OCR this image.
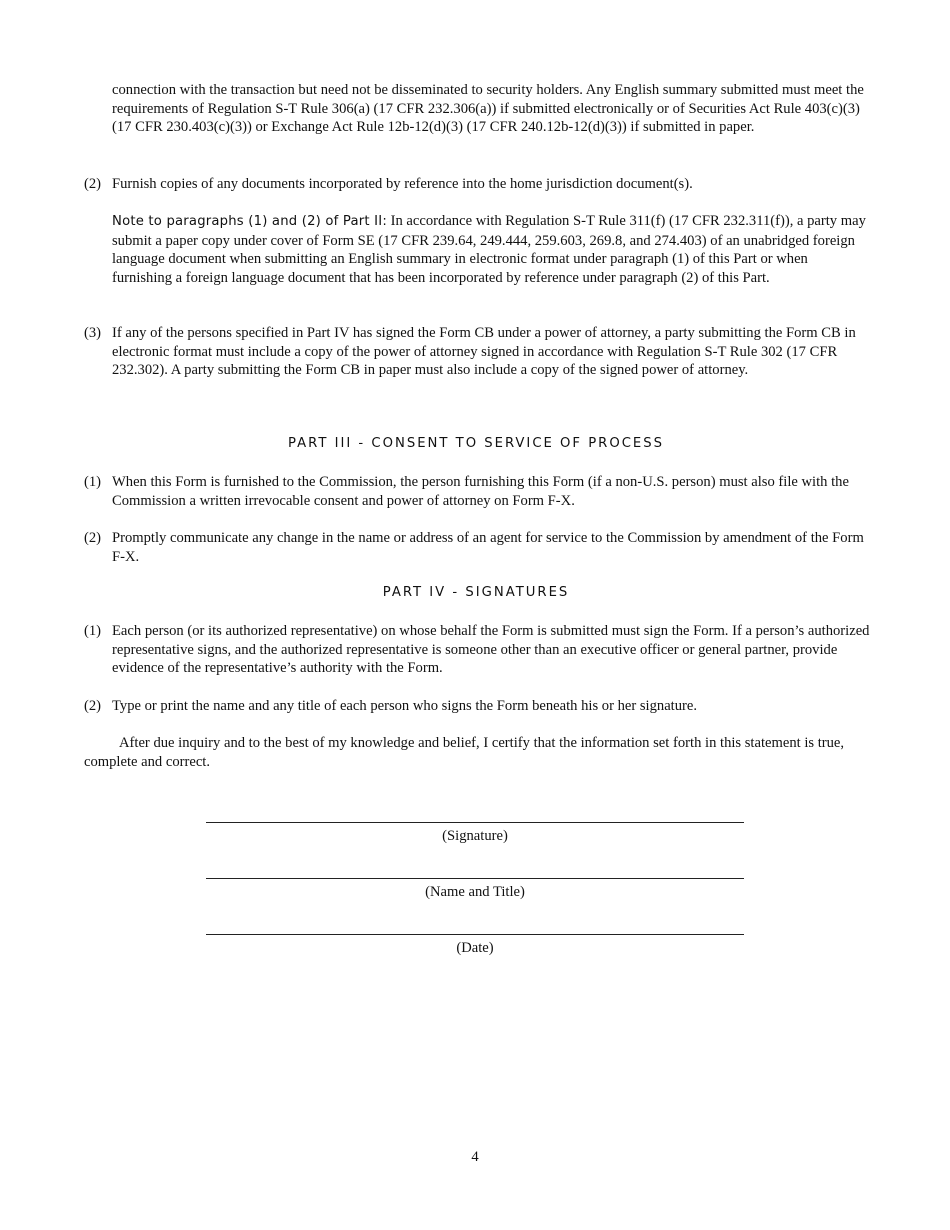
connection with the transaction but need not be disseminated to security holders. Any English summary submitted must meet the requirements of Regulation S-T Rule 306(a) (17 CFR 232.306(a)) if submitted electronically or of Securities Act Rule 403(c)(3) (17 CFR 230.403(c)(3)) or Exchange Act Rule 12b-12(d)(3) (17 CFR 240.12b-12(d)(3)) if submitted in paper.

(2) Furnish copies of any documents incorporated by reference into the home jurisdiction document(s).

Note to paragraphs (1) and (2) of Part II: In accordance with Regulation S-T Rule 311(f) (17 CFR 232.311(f)), a party may submit a paper copy under cover of Form SE (17 CFR 239.64, 249.444, 259.603, 269.8, and 274.403) of an unabridged foreign language document when submitting an English summary in electronic format under paragraph (1) of this Part or when furnishing a foreign language document that has been incorporated by reference under paragraph (2) of this Part.

(3) If any of the persons specified in Part IV has signed the Form CB under a power of attorney, a party submitting the Form CB in electronic format must include a copy of the power of attorney signed in accordance with Regulation S-T Rule 302 (17 CFR 232.302). A party submitting the Form CB in paper must also include a copy of the signed power of attorney.
PART III - CONSENT TO SERVICE OF PROCESS
(1) When this Form is furnished to the Commission, the person furnishing this Form (if a non-U.S. person) must also file with the Commission a written irrevocable consent and power of attorney on Form F-X.
(2) Promptly communicate any change in the name or address of an agent for service to the Commission by amendment of the Form F-X.
PART IV - SIGNATURES
(1) Each person (or its authorized representative) on whose behalf the Form is submitted must sign the Form. If a person’s authorized representative signs, and the authorized representative is someone other than an executive officer or general partner, provide evidence of the representative’s authority with the Form.
(2) Type or print the name and any title of each person who signs the Form beneath his or her signature.

After due inquiry and to the best of my knowledge and belief, I certify that the information set forth in this statement is true, complete and correct.

(Signature)
(Name and Title)
(Date)
4
